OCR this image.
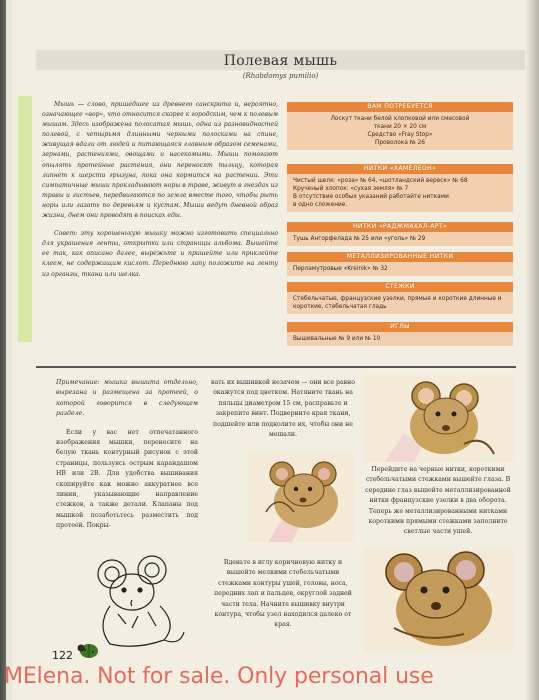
Полевая мышь
(Rhabdomys pumilio)

Мышь — слово, пришедшее из древнего санскрита и, вероятно, означающее «вор», что относится скорее к городским, чем к полевым мышам. Здесь изображена полосатая мышь, одна из разновидностей полевой, с четырьмя длинными черными полосками на спине, живущая вдали от людей и питающаяся главным образом семенами, зернами, растениями, овощами и насекомыми. Мыши помогают опылять протейные растения, они переносят пыльцу, которая липнет к шерсти грызуна, пока она кормится на растении. Эти симпатичные мыши прокладывают норы в траве, живут в гнездах из травы и листьев, передвигаются по земле вместе того, чтобы рыть норы или лазать по деревьям и кустам. Мыши ведут дневной образ жизни, днем они проводят в поисках еды.

Совет: эту хорошенькую мышку можно изготовить специально для украшения ленты, открытки или страницы альбома. Вышейте ее так, как описано далее, вырежьте и пришейте или приклейте клеем, не содержащим кислот. Переднюю лапу положите на ленту из органзы, ткани или шелка.

ВАМ ПОТРЕБУЕТСЯ
Лоскут ткани белой хлопковой или смесовой
ткани 20 × 20 см
Средство «Fray Stop»
Проволока № 26
НИТКИ «ХАМЕЛЕОН»
Чистый шелк: «роза» № 64, «шотландский вереск» № 68
Крученый хлопок: «сухая земля» № 7
В отсутствие особых указаний работайте нитками
в одно сложение.
НИТКИ «РАДЖМАХАЛ-АРТ»
Тушь Ангорфелада № 25 или «уголь» № 29
МЕТАЛЛИЗИРОВАННЫЕ НИТКИ
Перламутровые «Kreinik» № 32
СТЕЖКИ
Стебельчатые, французские узелки, прямые и короткие длинные и короткие, стебельчатая гладь
ИГЛЫ
Вышивальные № 9 или № 10

Примечание: мышка вышита отдельно, вырезана и размещена за протеей, о которой говорится в следующем разделе.

Если у вас нет отпечатанного изображения мышки, перенесите на белую ткань контурный рисунок с этой страницы, пользуясь острым карандашом НВ или 2В. Для удобства вышивания скопируйте как можно аккуратнее все линии, указывающие направление стежков, а также детали. Клапаны под мышкой позаботьтесь разместить под протеей. Покры-

вать их вышивкой незачем — они все равно окажутся под цветком. Натяните ткань на пяльцы диаметром 15 см, расправьте и закрепите винт. Подверните края ткани, подшейте или подколите их, чтобы они не мешали.

Вденьте в иглу коричневую нитку и вышейте мелкими стебельчатыми стежками контуры ушей, головы, носа, передних лап и пальцев, округлой задней части тела. Начните вышивку внутри контура, чтобы узел находился далеко от края.

Перейдите на черные нитки, короткими стебельчатыми стежками вышейте глаза. В середине глаз вышейте металлизированной нитки французские узелки в два оборота. Теперь же металлизированными нитками короткими прямыми стежками заполните светлые части ушей.

122
MElena. Not for sale. Only personal use
